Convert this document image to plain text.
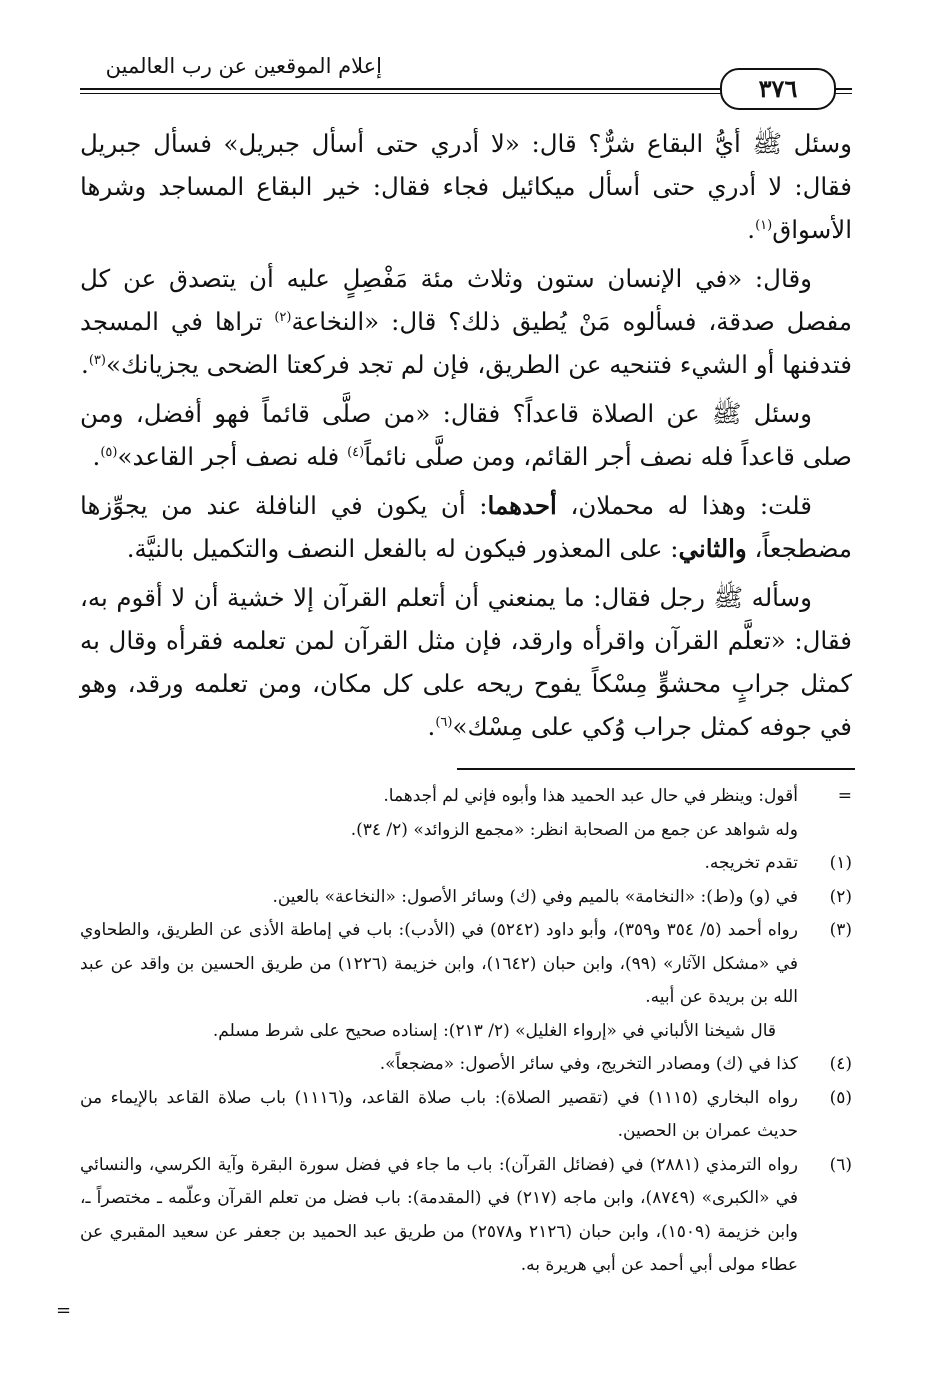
إعلام الموقعين عن رب العالمين
٣٧٦

وسئل ﷺ أيُّ البقاع شرٌّ؟ قال: «لا أدري حتى أسأل جبريل» فسأل جبريل فقال: لا أدري حتى أسأل ميكائيل فجاء فقال: خير البقاع المساجد وشرها الأسواق$^{(١)}$.

وقال: «في الإنسان ستون وثلاث مئة مَفْصِلٍ عليه أن يتصدق عن كل مفصل صدقة، فسألوه مَنْ يُطيق ذلك؟ قال: «النخاعة$^{(٢)}$ تراها في المسجد فتدفنها أو الشيء فتنحيه عن الطريق، فإن لم تجد فركعتا الضحى يجزيانك»$^{(٣)}$.

وسئل ﷺ عن الصلاة قاعداً؟ فقال: «من صلَّى قائماً فهو أفضل، ومن صلى قاعداً فله نصف أجر القائم، ومن صلَّى نائماً$^{(٤)}$ فله نصف أجر القاعد»$^{(٥)}$.

قلت: وهذا له محملان، أحدهما: أن يكون في النافلة عند من يجوِّزها مضطجعاً، والثاني: على المعذور فيكون له بالفعل النصف والتكميل بالنيَّة.

وسأله ﷺ رجل فقال: ما يمنعني أن أتعلم القرآن إلا خشية أن لا أقوم به، فقال: «تعلَّم القرآن واقرأه وارقد، فإن مثل القرآن لمن تعلمه فقرأه وقال به كمثل جرابٍ محشوٍّ مِسْكاً يفوح ريحه على كل مكان، ومن تعلمه ورقد، وهو في جوفه كمثل جراب وُكي على مِسْك»$^{(٦)}$.

=
أقول: وينظر في حال عبد الحميد هذا وأبوه فإني لم أجدهما.
وله شواهد عن جمع من الصحابة انظر: «مجمع الزوائد» (٢/ ٣٤).
(١)
تقدم تخريجه.
(٢)
في (و) و(ط): «النخامة» بالميم وفي (ك) وسائر الأصول: «النخاعة» بالعين.
(٣)
رواه أحمد (٥/ ٣٥٤ و٣٥٩)، وأبو داود (٥٢٤٢) في (الأدب): باب في إماطة الأذى عن الطريق، والطحاوي في «مشكل الآثار» (٩٩)، وابن حبان (١٦٤٢)، وابن خزيمة (١٢٢٦) من طريق الحسين بن واقد عن عبد الله بن بريدة عن أبيه.
قال شيخنا الألباني في «إرواء الغليل» (٢/ ٢١٣): إسناده صحيح على شرط مسلم.
(٤)
كذا في (ك) ومصادر التخريج، وفي سائر الأصول: «مضجعاً».
(٥)
رواه البخاري (١١١٥) في (تقصير الصلاة): باب صلاة القاعد، و(١١١٦) باب صلاة القاعد بالإيماء من حديث عمران بن الحصين.
(٦)
رواه الترمذي (٢٨٨١) في (فضائل القرآن): باب ما جاء في فضل سورة البقرة وآية الكرسي، والنسائي في «الكبرى» (٨٧٤٩)، وابن ماجه (٢١٧) في (المقدمة): باب فضل من تعلم القرآن وعلّمه ـ مختصراً ـ، وابن خزيمة (١٥٠٩)، وابن حبان (٢١٢٦ و٢٥٧٨) من طريق عبد الحميد بن جعفر عن سعيد المقبري عن عطاء مولى أبي أحمد عن أبي هريرة به.
=
